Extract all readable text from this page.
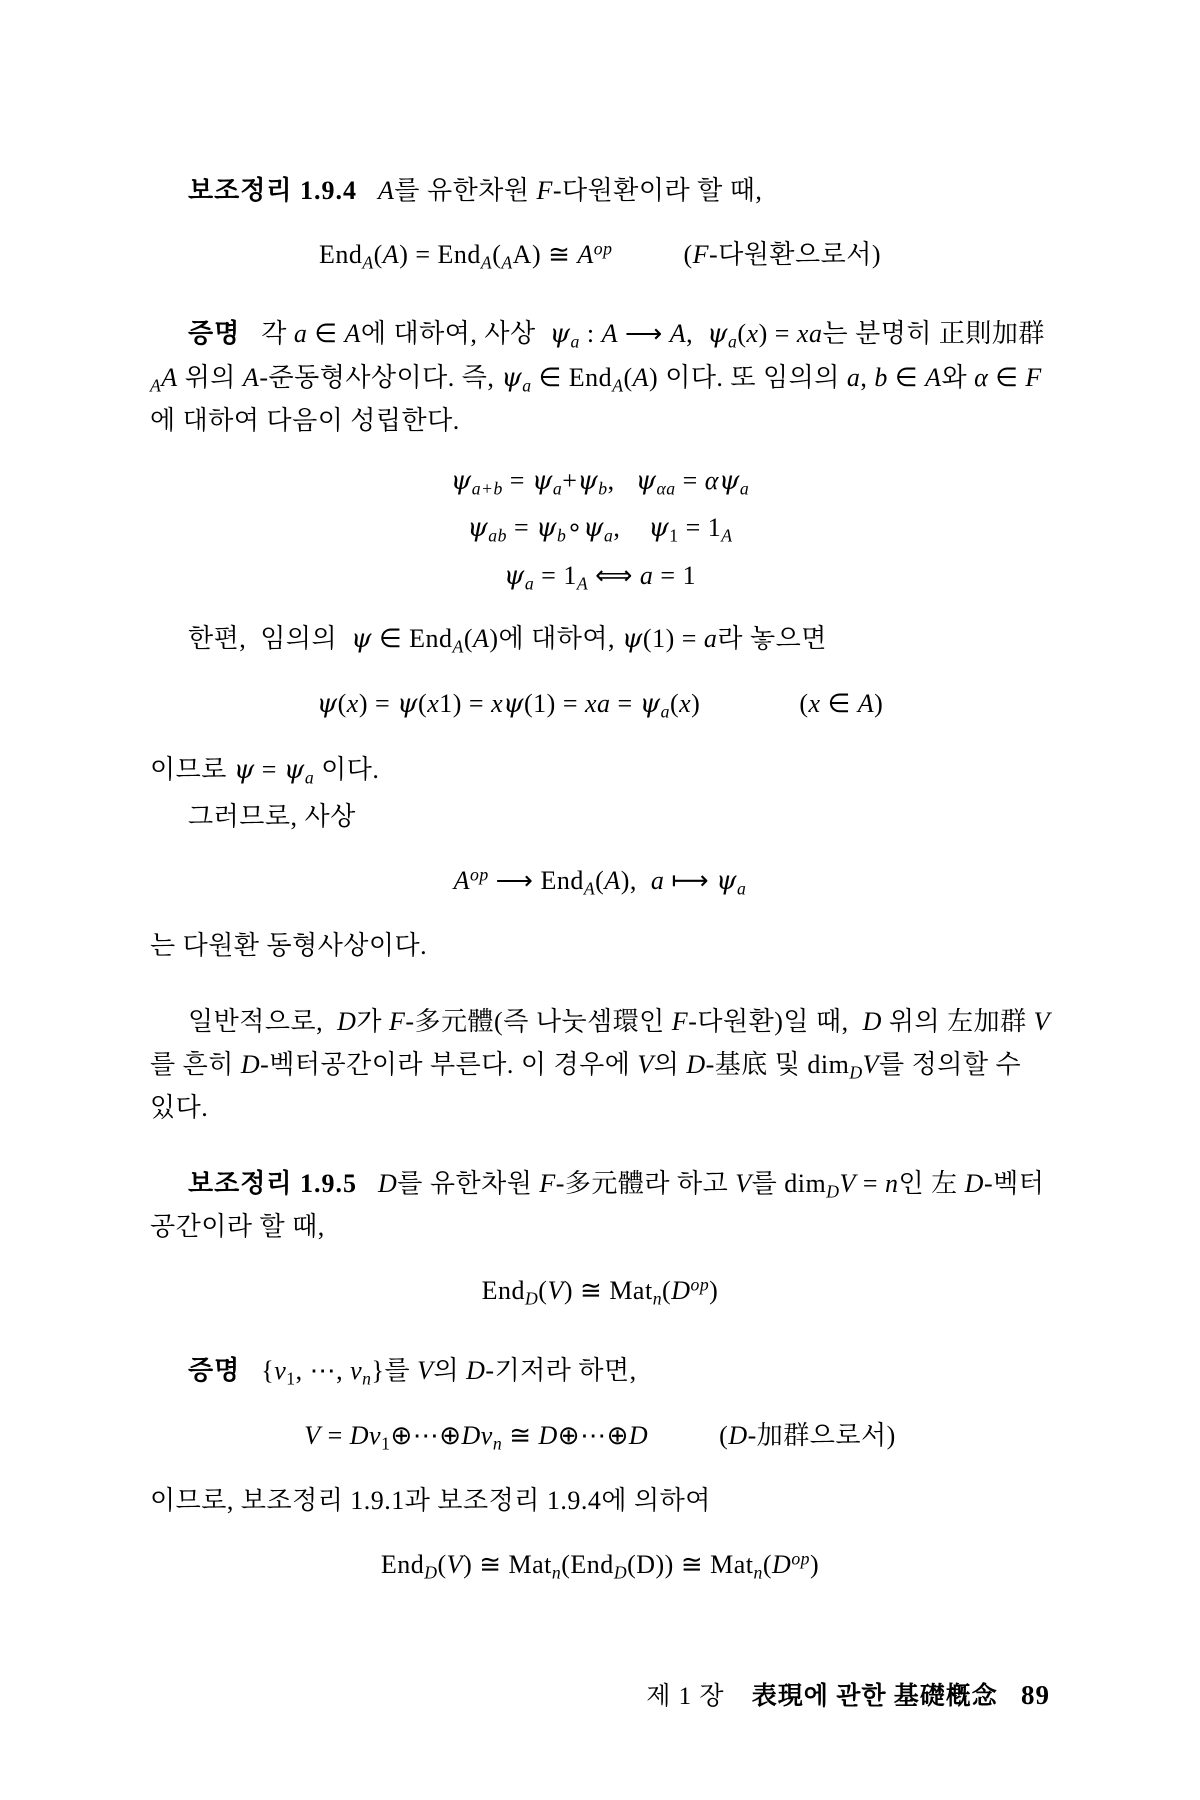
보조정리 1.9.4 A를 유한차원 F-다원환이라 할 때,

$End_A(A) = End_A(_AA)$ ≅ $A^{op}$	(F-다원환으로서)

증명   각 a ∈ A에 대하여, 사상  $\psi_a$ : A ⟶ A,  $\psi_a(x)$ = xa는 분명히 正則加群 $_A$A 위의 A-준동형사상이다. 즉, $\psi_a$ ∈ End$_A$(A) 이다. 또 임의의 a, b ∈ A와 α ∈ F에 대하여 다음이 성립한다.

$\psi_{a+b} = \psi_a+\psi_b$,   $\psi_{\alpha a} = \alpha\psi_a$
$\psi_{ab}$ = $\psi_b\circ\psi_a$,    $\psi_1 = 1_A$
$\psi_a = 1_A$ ⟺ a = 1

한편,  임의의  ψ ∈ End$_A$(A)에 대하여, ψ(1) = a라 놓으면

ψ(x) = ψ(x1) = xψ(1) = xa = $\psi_a(x)$	(x ∈ A)

이므로 $\psi = \psi_a$ 이다.

그러므로, 사상

$A^{op}$ ⟶ End$_A$(A),  a ⟼ $\psi_a$

는 다원환 동형사상이다.

일반적으로,  D가 F-多元體(즉 나눗셈環인 F-다원환)일 때,  D 위의 左加群 V를 흔히 D-벡터공간이라 부른다. 이 경우에 V의 D-基底 및 dim$_D$V를 정의할 수 있다.

보조정리 1.9.5 D를 유한차원 F-多元體라 하고 V를 dim$_D$V = n인 左 D-벡터공간이라 할 때,

End$_D$(V) ≅ $Mat_n(D^{op})$

증명   {$v_1$, ⋯, $v_n$}를 V의 D-기저라 하면,

$V = Dv_1\oplus\cdots\oplus Dv_n$ ≅ D⊕⋯⊕D	(D-加群으로서)

이므로, 보조정리 1.9.1과 보조정리 1.9.4에 의하여

End$_D$(V) ≅ Mat$_n$(End$_D$(D)) ≅ $Mat_n(D^{op})$
제 1 장 表現에 관한 基礎槪念 89
